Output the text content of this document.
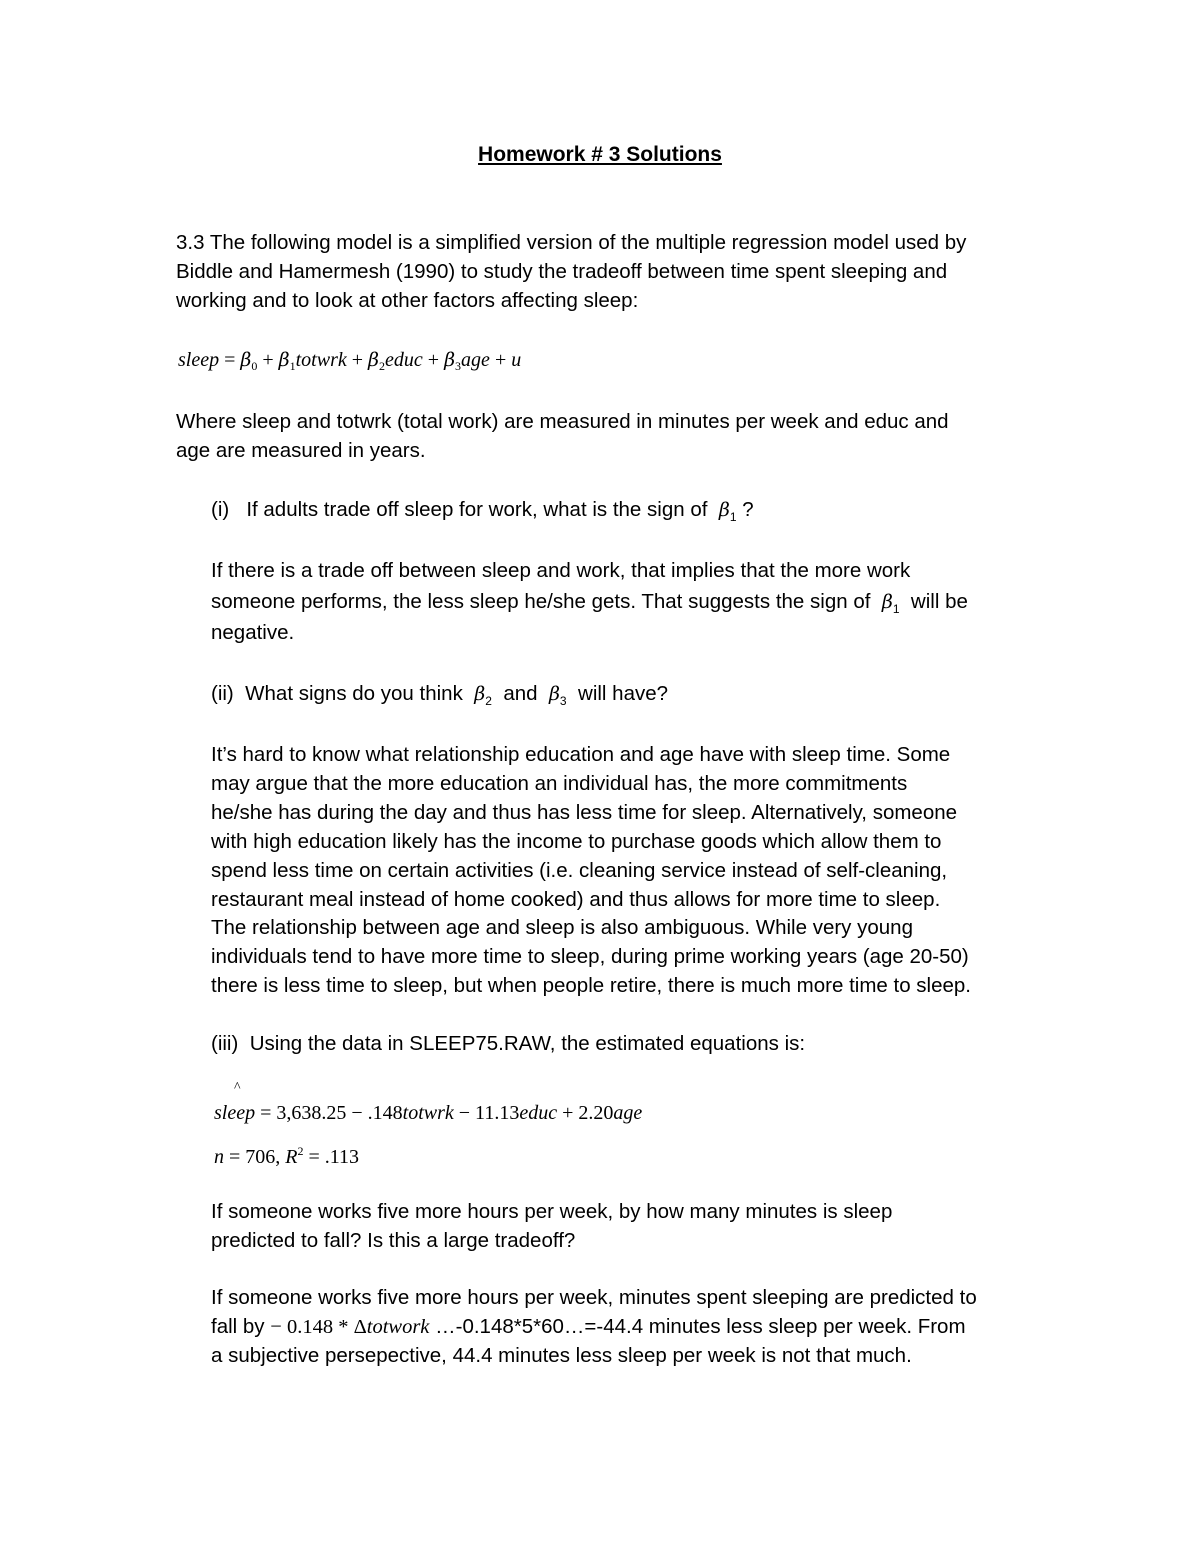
Homework # 3 Solutions
3.3 The following model is a simplified version of the multiple regression model used by
Biddle and Hamermesh (1990) to study the tradeoff between time spent sleeping and
working and to look at other factors affecting sleep:
sleep = $\beta_0$ + $\beta_1totwrk$ + $\beta_2educ + \beta_3age + u$
Where sleep and totwrk (total work) are measured in minutes per week and educ and
age are measured in years.
(i) If adults trade off sleep for work, what is the sign of $\beta_1$ ?
If there is a trade off between sleep and work, that implies that the more work
someone performs, the less sleep he/she gets. That suggests the sign of $\beta_1$ will be
negative.
(ii) What signs do you think $\beta_2$ and $\beta_3$ will have?
It’s hard to know what relationship education and age have with sleep time. Some
may argue that the more education an individual has, the more commitments
he/she has during the day and thus has less time for sleep. Alternatively, someone
with high education likely has the income to purchase goods which allow them to
spend less time on certain activities (i.e. cleaning service instead of self-cleaning,
restaurant meal instead of home cooked) and thus allows for more time to sleep.
The relationship between age and sleep is also ambiguous. While very young
individuals tend to have more time to sleep, during prime working years (age 20-50)
there is less time to sleep, but when people retire, there is much more time to sleep.
(iii) Using the data in SLEEP75.RAW, the estimated equations is:
^
sleep = 3,638.25 − .148totwrk − 11.13educ + 2.20age
n = 706, $R^2 = .113$
If someone works five more hours per week, by how many minutes is sleep
predicted to fall? Is this a large tradeoff?
If someone works five more hours per week, minutes spent sleeping are predicted to
fall by − 0.148 * Δtotwork …-0.148*5*60…=-44.4 minutes less sleep per week. From
a subjective persepective, 44.4 minutes less sleep per week is not that much.
